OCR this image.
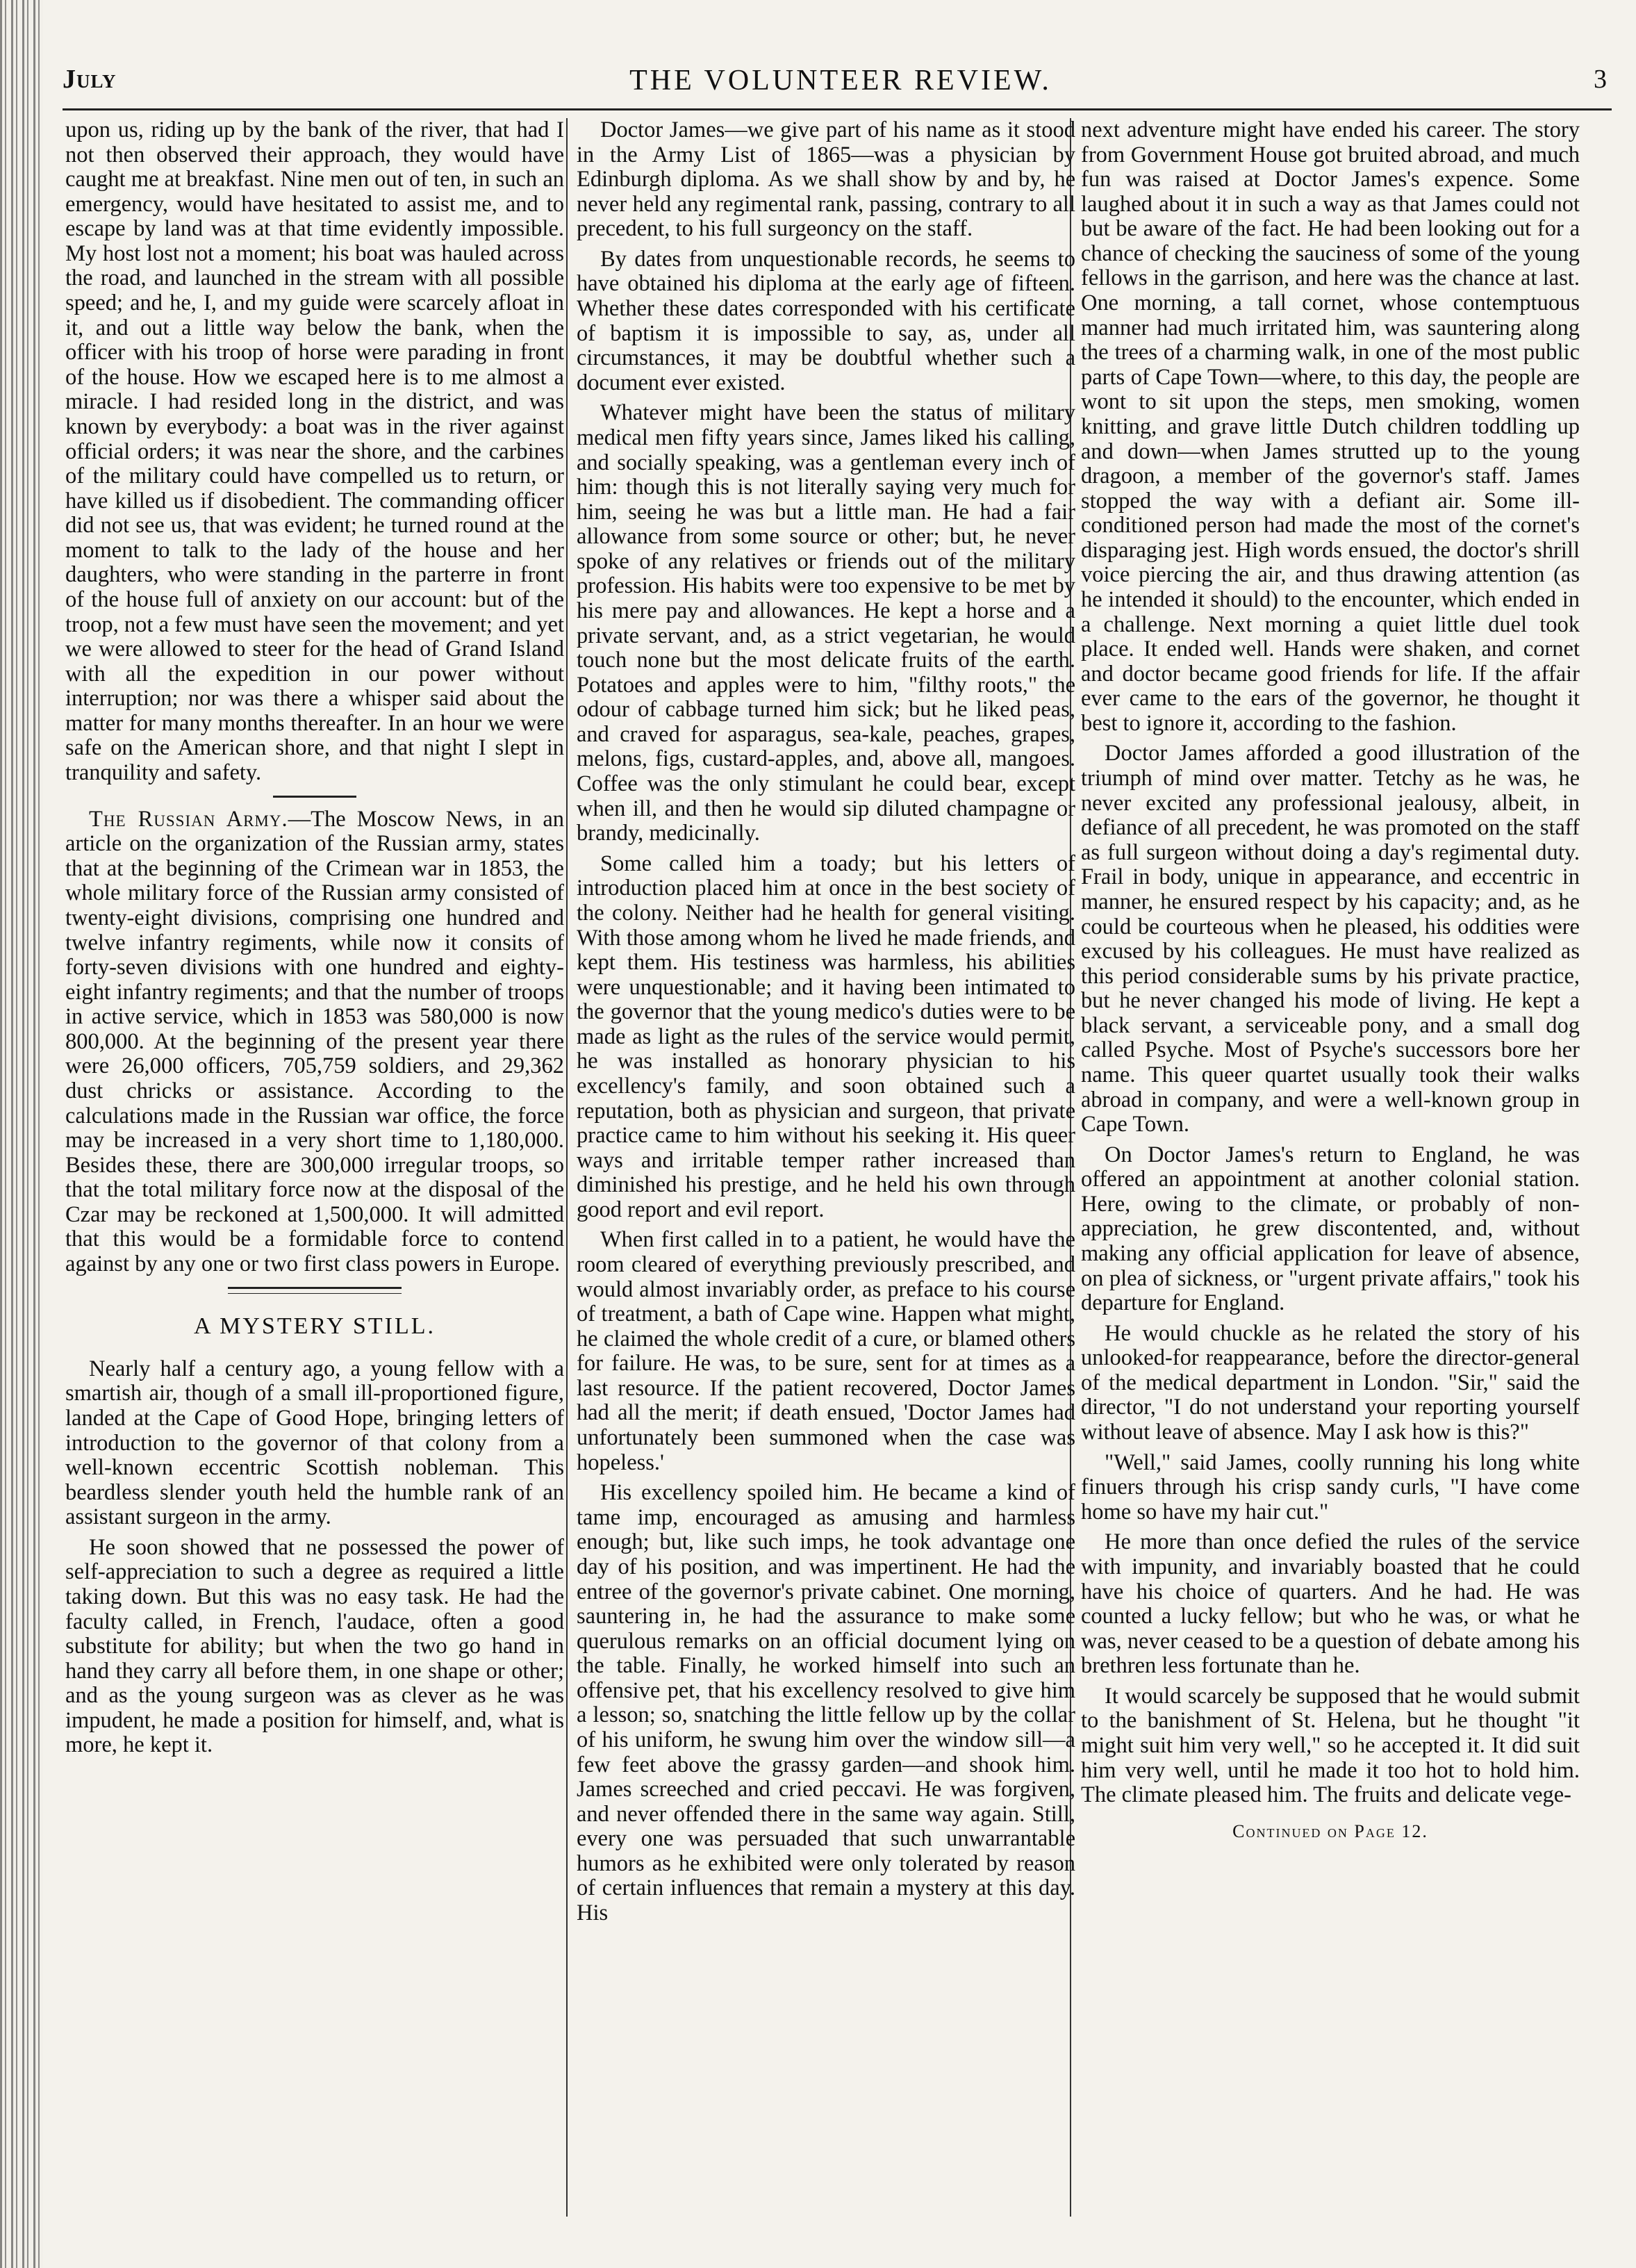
July	THE VOLUNTEER REVIEW.	3

upon us, riding up by the bank of the river, that had I not then observed their approach, they would have caught me at breakfast. Nine men out of ten, in such an emergency, would have hesitated to assist me, and to escape by land was at that time evidently impossible. My host lost not a moment; his boat was hauled across the road, and launched in the stream with all possible speed; and he, I, and my guide were scarcely afloat in it, and out a little way below the bank, when the officer with his troop of horse were parading in front of the house. How we escaped here is to me almost a miracle. I had resided long in the district, and was known by everybody: a boat was in the river against official orders; it was near the shore, and the carbines of the military could have compelled us to return, or have killed us if disobedient. The commanding officer did not see us, that was evident; he turned round at the moment to talk to the lady of the house and her daughters, who were standing in the parterre in front of the house full of anxiety on our account: but of the troop, not a few must have seen the movement; and yet we were allowed to steer for the head of Grand Island with all the expedition in our power without interruption; nor was there a whisper said about the matter for many months thereafter. In an hour we were safe on the American shore, and that night I slept in tranquility and safety.

The Russian Army.—The Moscow News, in an article on the organization of the Russian army, states that at the beginning of the Crimean war in 1853, the whole military force of the Russian army consisted of twenty-eight divisions, comprising one hundred and twelve infantry regiments, while now it consits of forty-seven divisions with one hundred and eighty-eight infantry regiments; and that the number of troops in active service, which in 1853 was 580,000 is now 800,000. At the beginning of the present year there were 26,000 officers, 705,759 soldiers, and 29,362 dust chricks or assistance. According to the calculations made in the Russian war office, the force may be increased in a very short time to 1,180,000. Besides these, there are 300,000 irregular troops, so that the total military force now at the disposal of the Czar may be reckoned at 1,500,000. It will admitted that this would be a formidable force to contend against by any one or two first class powers in Europe.

A MYSTERY STILL.

Nearly half a century ago, a young fellow with a smartish air, though of a small ill-proportioned figure, landed at the Cape of Good Hope, bringing letters of introduction to the governor of that colony from a well-known eccentric Scottish nobleman. This beardless slender youth held the humble rank of an assistant surgeon in the army.

He soon showed that ne possessed the power of self-appreciation to such a degree as required a little taking down. But this was no easy task. He had the faculty called, in French, l'audace, often a good substitute for ability; but when the two go hand in hand they carry all before them, in one shape or other; and as the young surgeon was as clever as he was impudent, he made a position for himself, and, what is more, he kept it.

Doctor James—we give part of his name as it stood in the Army List of 1865—was a physician by Edinburgh diploma. As we shall show by and by, he never held any regimental rank, passing, contrary to all precedent, to his full surgeoncy on the staff.

By dates from unquestionable records, he seems to have obtained his diploma at the early age of fifteen. Whether these dates corresponded with his certificate of baptism it is impossible to say, as, under all circumstances, it may be doubtful whether such a document ever existed.

Whatever might have been the status of military medical men fifty years since, James liked his calling, and socially speaking, was a gentleman every inch of him: though this is not literally saying very much for him, seeing he was but a little man. He had a fair allowance from some source or other; but, he never spoke of any relatives or friends out of the military profession. His habits were too expensive to be met by his mere pay and allowances. He kept a horse and a private servant, and, as a strict vegetarian, he would touch none but the most delicate fruits of the earth. Potatoes and apples were to him, "filthy roots," the odour of cabbage turned him sick; but he liked peas, and craved for asparagus, sea-kale, peaches, grapes, melons, figs, custard-apples, and, above all, mangoes. Coffee was the only stimulant he could bear, except when ill, and then he would sip diluted champagne or brandy, medicinally.

Some called him a toady; but his letters of introduction placed him at once in the best society of the colony. Neither had he health for general visiting. With those among whom he lived he made friends, and kept them. His testiness was harmless, his abilities were unquestionable; and it having been intimated to the governor that the young medico's duties were to be made as light as the rules of the service would permit, he was installed as honorary physician to his excellency's family, and soon obtained such a reputation, both as physician and surgeon, that private practice came to him without his seeking it. His queer ways and irritable temper rather increased than diminished his prestige, and he held his own through good report and evil report.

When first called in to a patient, he would have the room cleared of everything previously prescribed, and would almost invariably order, as preface to his course of treatment, a bath of Cape wine. Happen what might, he claimed the whole credit of a cure, or blamed others for failure. He was, to be sure, sent for at times as a last resource. If the patient recovered, Doctor James had all the merit; if death ensued, 'Doctor James had unfortunately been summoned when the case was hopeless.'

His excellency spoiled him. He became a kind of tame imp, encouraged as amusing and harmless enough; but, like such imps, he took advantage one day of his position, and was impertinent. He had the entree of the governor's private cabinet. One morning, sauntering in, he had the assurance to make some querulous remarks on an official document lying on the table. Finally, he worked himself into such an offensive pet, that his excellency resolved to give him a lesson; so, snatching the little fellow up by the collar of his uniform, he swung him over the window sill—a few feet above the grassy garden—and shook him. James screeched and cried peccavi. He was forgiven, and never offended there in the same way again. Still, every one was persuaded that such unwarrantable humors as he exhibited were only tolerated by reason of certain influences that remain a mystery at this day. His

next adventure might have ended his career. The story from Government House got bruited abroad, and much fun was raised at Doctor James's expence. Some laughed about it in such a way as that James could not but be aware of the fact. He had been looking out for a chance of checking the sauciness of some of the young fellows in the garrison, and here was the chance at last. One morning, a tall cornet, whose contemptuous manner had much irritated him, was sauntering along the trees of a charming walk, in one of the most public parts of Cape Town—where, to this day, the people are wont to sit upon the steps, men smoking, women knitting, and grave little Dutch children toddling up and down—when James strutted up to the young dragoon, a member of the governor's staff. James stopped the way with a defiant air. Some ill-conditioned person had made the most of the cornet's disparaging jest. High words ensued, the doctor's shrill voice piercing the air, and thus drawing attention (as he intended it should) to the encounter, which ended in a challenge. Next morning a quiet little duel took place. It ended well. Hands were shaken, and cornet and doctor became good friends for life. If the affair ever came to the ears of the governor, he thought it best to ignore it, according to the fashion.

Doctor James afforded a good illustration of the triumph of mind over matter. Tetchy as he was, he never excited any professional jealousy, albeit, in defiance of all precedent, he was promoted on the staff as full surgeon without doing a day's regimental duty. Frail in body, unique in appearance, and eccentric in manner, he ensured respect by his capacity; and, as he could be courteous when he pleased, his oddities were excused by his colleagues. He must have realized as this period considerable sums by his private practice, but he never changed his mode of living. He kept a black servant, a serviceable pony, and a small dog called Psyche. Most of Psyche's successors bore her name. This queer quartet usually took their walks abroad in company, and were a well-known group in Cape Town.

On Doctor James's return to England, he was offered an appointment at another colonial station. Here, owing to the climate, or probably of non-appreciation, he grew discontented, and, without making any official application for leave of absence, on plea of sickness, or "urgent private affairs," took his departure for England.

He would chuckle as he related the story of his unlooked-for reappearance, before the director-general of the medical department in London. "Sir," said the director, "I do not understand your reporting yourself without leave of absence. May I ask how is this?"

"Well," said James, coolly running his long white finuers through his crisp sandy curls, "I have come home so have my hair cut."

He more than once defied the rules of the service with impunity, and invariably boasted that he could have his choice of quarters. And he had. He was counted a lucky fellow; but who he was, or what he was, never ceased to be a question of debate among his brethren less fortunate than he.

It would scarcely be supposed that he would submit to the banishment of St. Helena, but he thought "it might suit him very well," so he accepted it. It did suit him very well, until he made it too hot to hold him. The climate pleased him. The fruits and delicate vege-

Continued on Page 12.
